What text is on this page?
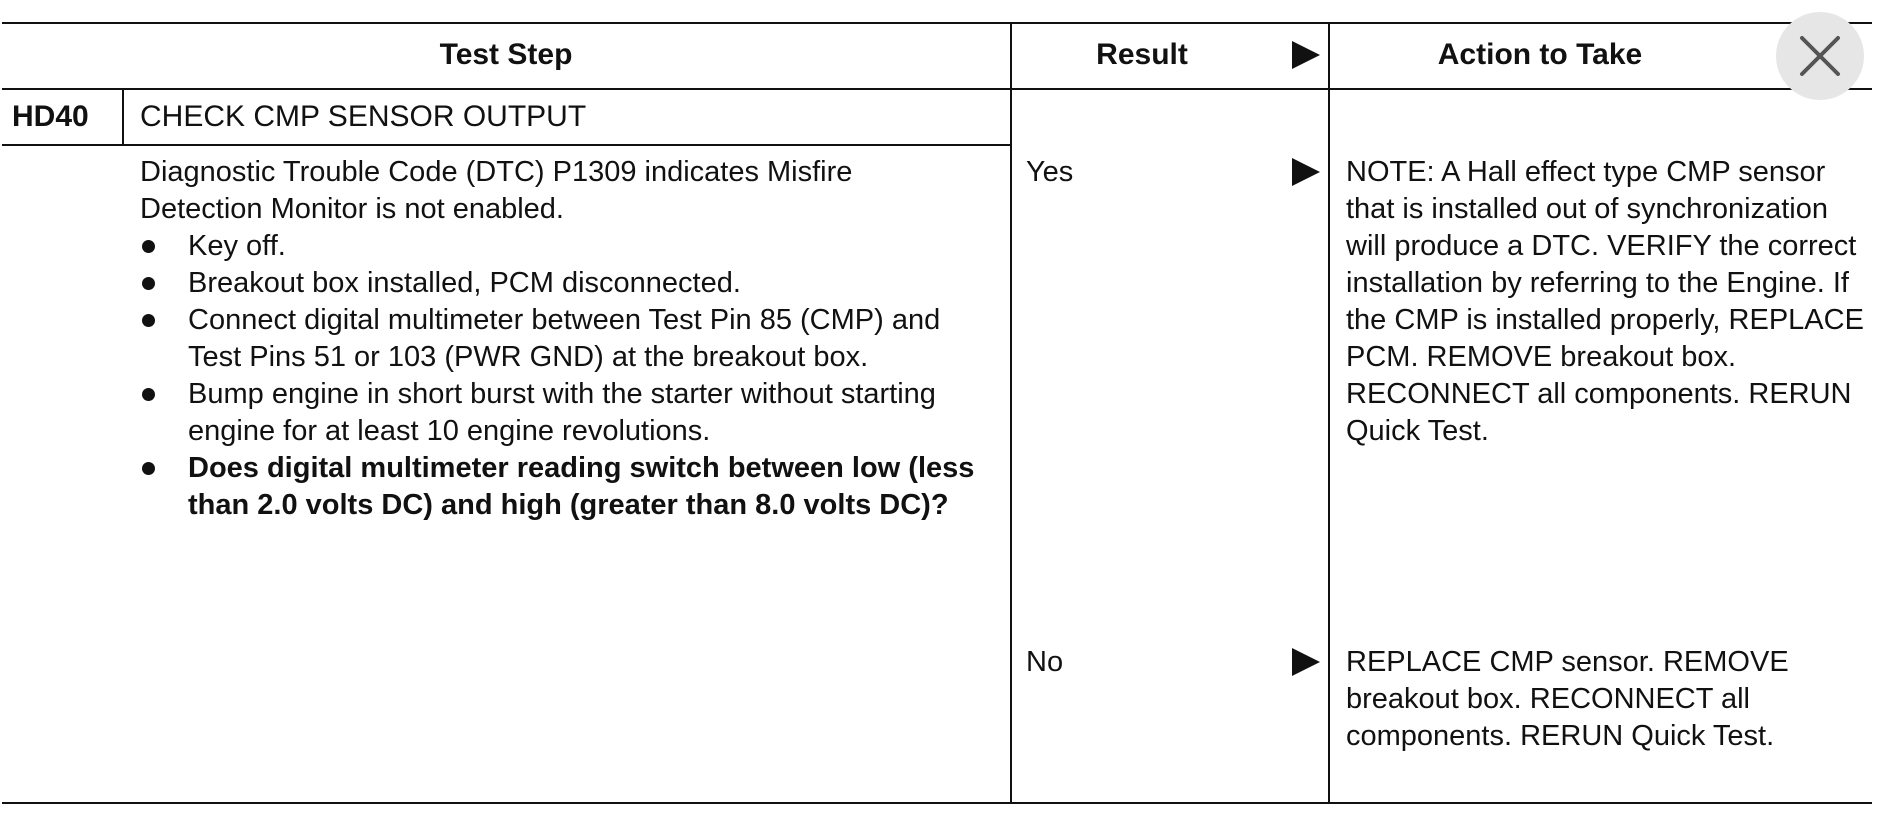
Test Step	Result	Action to Take
HD40 CHECK CMP SENSOR OUTPUT
Diagnostic Trouble Code (DTC) P1309 indicates Misfire Detection Monitor is not enabled.
Key off.
Breakout box installed, PCM disconnected.
Connect digital multimeter between Test Pin 85 (CMP) and Test Pins 51 or 103 (PWR GND) at the breakout box.
Bump engine in short burst with the starter without starting engine for at least 10 engine revolutions.
Does digital multimeter reading switch between low (less than 2.0 volts DC) and high (greater than 8.0 volts DC)?
Yes	NOTE: A Hall effect type CMP sensor that is installed out of synchronization will produce a DTC. VERIFY the correct installation by referring to the Engine. If the CMP is installed properly, REPLACE PCM. REMOVE breakout box. RECONNECT all components. RERUN Quick Test.
No	REPLACE CMP sensor. REMOVE breakout box. RECONNECT all components. RERUN Quick Test.
